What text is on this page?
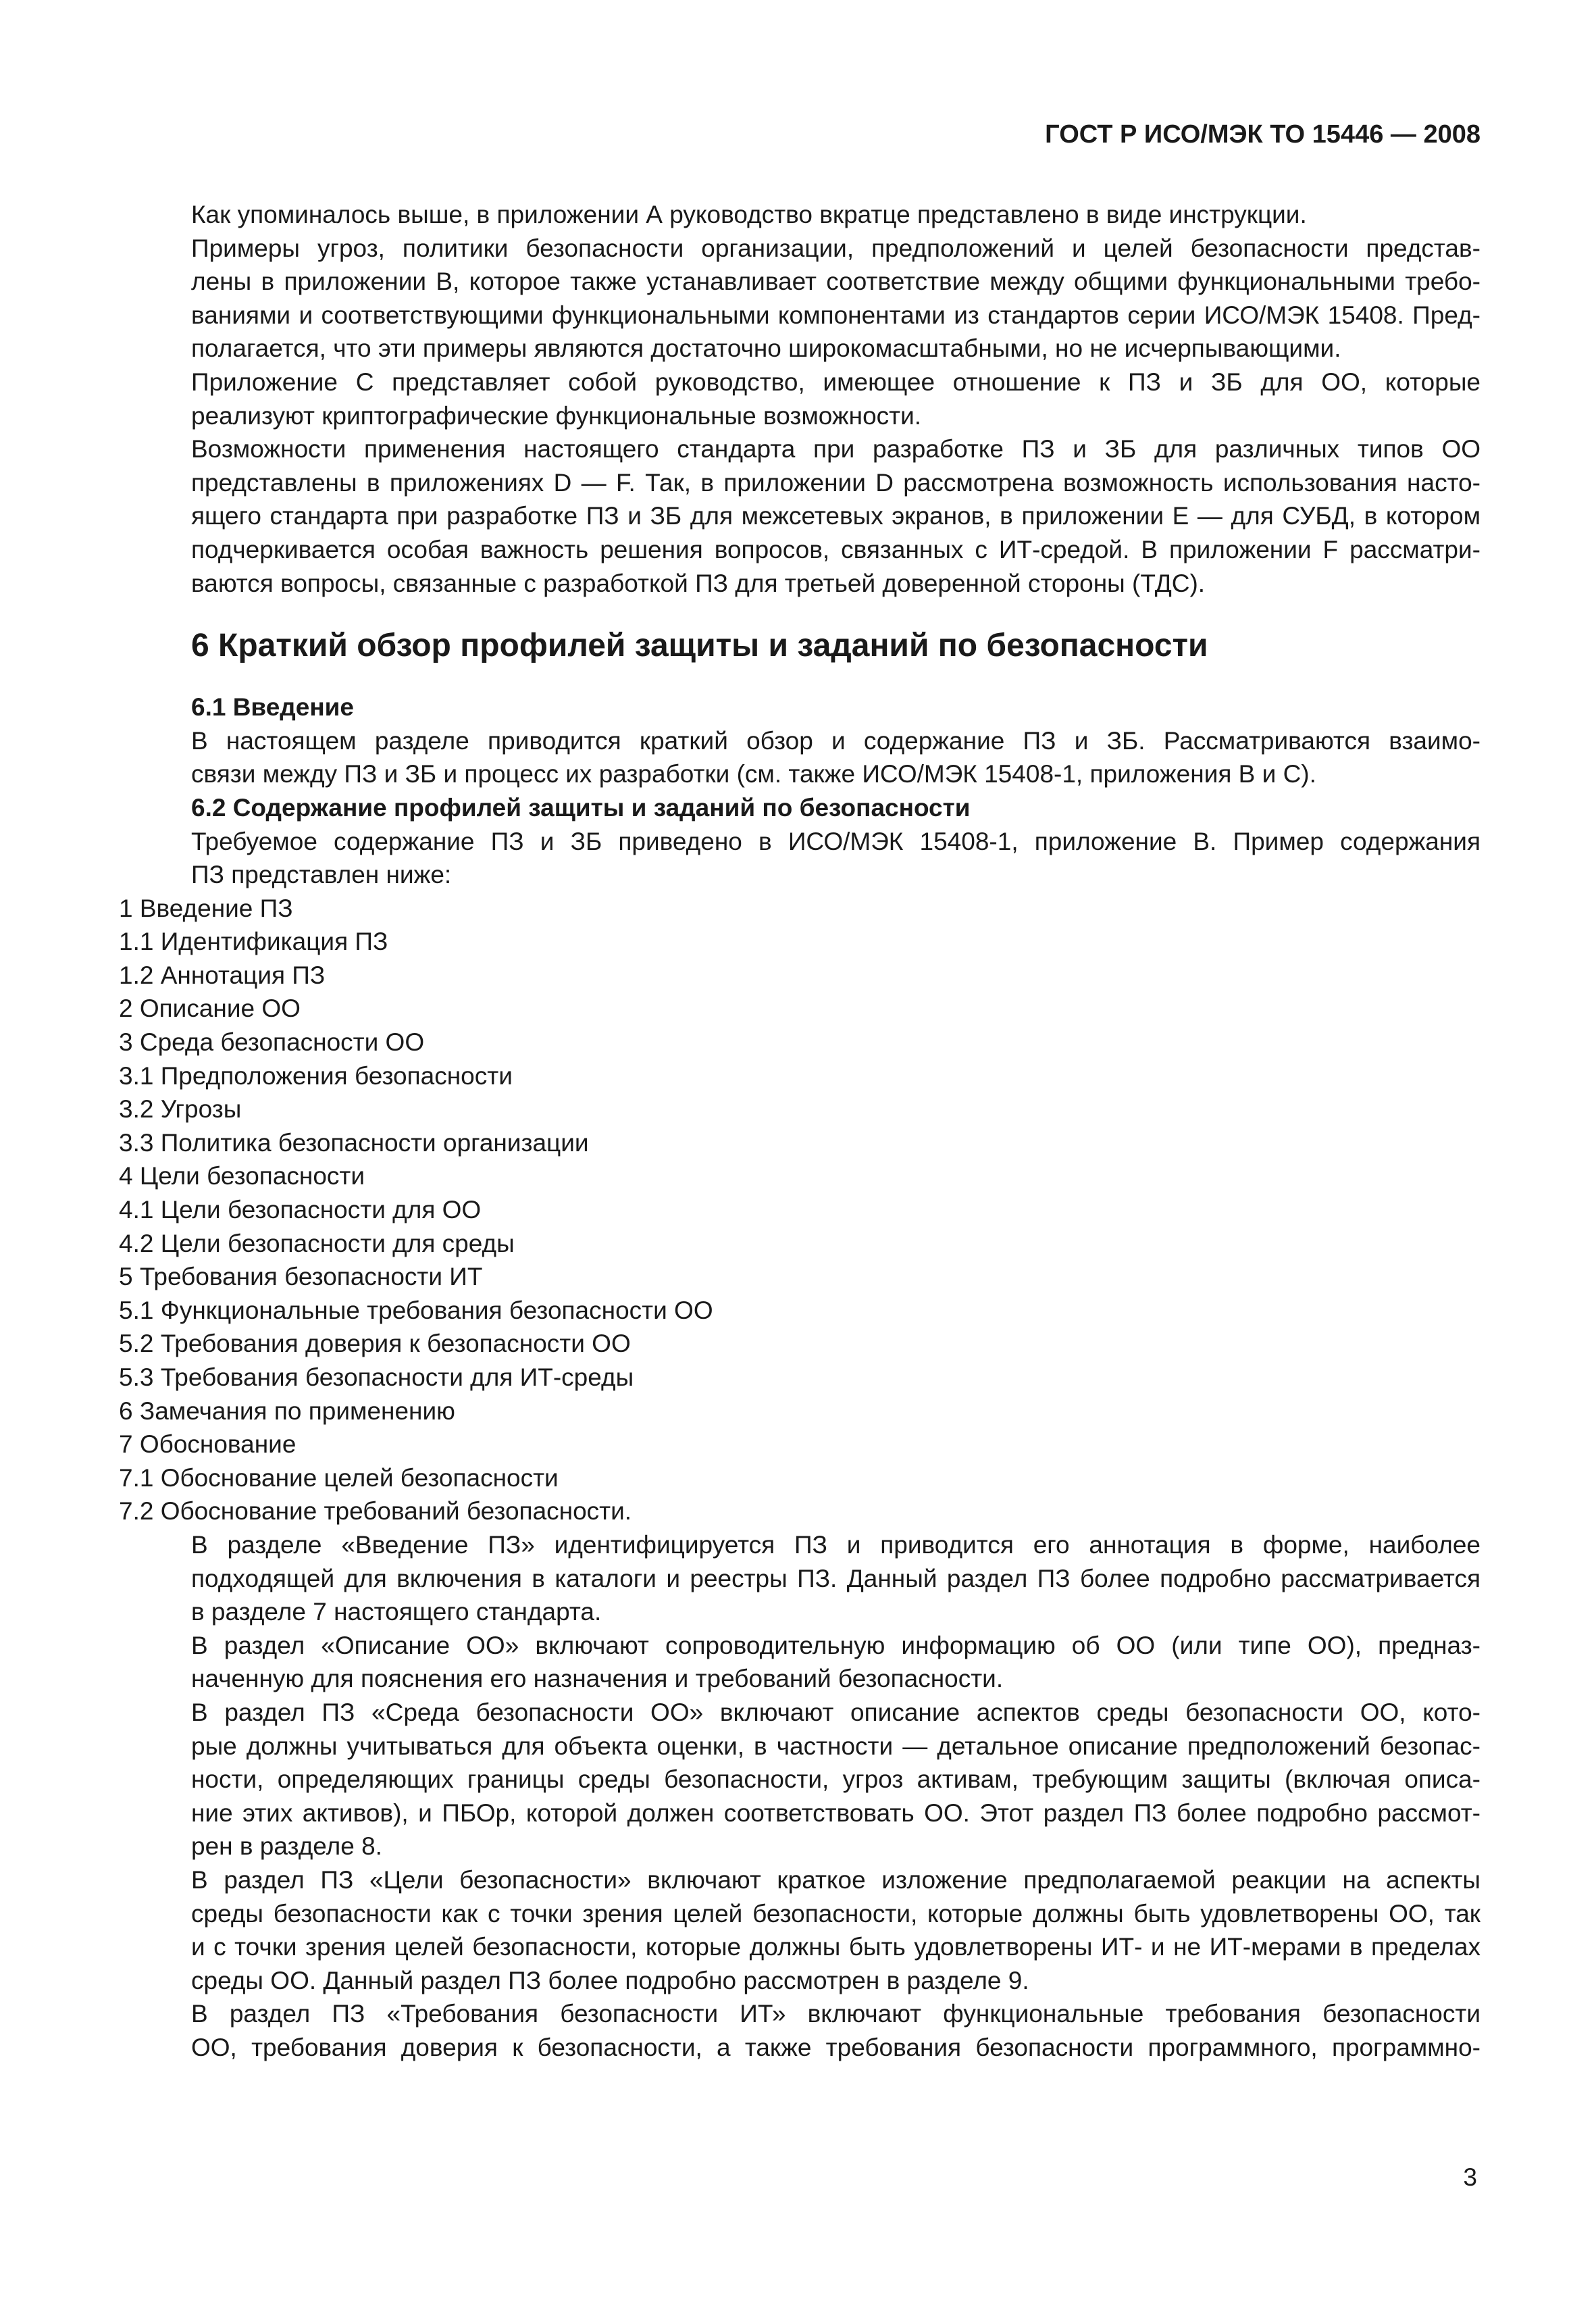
ГОСТ Р ИСО/МЭК ТО 15446 — 2008
Как упоминалось выше, в приложении А руководство вкратце представлено в виде инструкции.
Примеры угроз, политики безопасности организации, предположений и целей безопасности представ-
лены в приложении В, которое также устанавливает соответствие между общими функциональными требо-
ваниями и соответствующими функциональными компонентами из стандартов серии ИСО/МЭК 15408. Пред-
полагается, что эти примеры являются достаточно широкомасштабными, но не исчерпывающими.
Приложение С представляет собой руководство, имеющее отношение к ПЗ и ЗБ для ОО, которые
реализуют криптографические функциональные возможности.
Возможности применения настоящего стандарта при разработке ПЗ и ЗБ для различных типов ОО
представлены в приложениях D — F. Так, в приложении D рассмотрена возможность использования насто-
ящего стандарта при разработке ПЗ и ЗБ для межсетевых экранов, в приложении Е — для СУБД, в котором
подчеркивается особая важность решения вопросов, связанных с ИТ-средой. В приложении F рассматри-
ваются вопросы, связанные с разработкой ПЗ для третьей доверенной стороны (ТДС).
6 Краткий обзор профилей защиты и заданий по безопасности
6.1 Введение
В настоящем разделе приводится краткий обзор и содержание ПЗ и ЗБ. Рассматриваются взаимо-
связи между ПЗ и ЗБ и процесс их разработки (см. также ИСО/МЭК 15408-1, приложения В и С).
6.2 Содержание профилей защиты и заданий по безопасности
Требуемое содержание ПЗ и ЗБ приведено в ИСО/МЭК 15408-1, приложение В. Пример содержания
ПЗ представлен ниже:
1 Введение ПЗ
1.1 Идентификация ПЗ
1.2 Аннотация ПЗ
2 Описание ОО
3 Среда безопасности ОО
3.1 Предположения безопасности
3.2 Угрозы
3.3 Политика безопасности организации
4 Цели безопасности
4.1 Цели безопасности для ОО
4.2 Цели безопасности для среды
5 Требования безопасности ИТ
5.1 Функциональные требования безопасности ОО
5.2 Требования доверия к безопасности ОО
5.3 Требования безопасности для ИТ-среды
6 Замечания по применению
7 Обоснование
7.1 Обоснование целей безопасности
7.2 Обоснование требований безопасности.
В разделе «Введение ПЗ» идентифицируется ПЗ и приводится его аннотация в форме, наиболее
подходящей для включения в каталоги и реестры ПЗ. Данный раздел ПЗ более подробно рассматривается
в разделе 7 настоящего стандарта.
В раздел «Описание ОО» включают сопроводительную информацию об ОО (или типе ОО), предназ-
наченную для пояснения его назначения и требований безопасности.
В раздел ПЗ «Среда безопасности ОО» включают описание аспектов среды безопасности ОО, кото-
рые должны учитываться для объекта оценки, в частности — детальное описание предположений безопас-
ности, определяющих границы среды безопасности, угроз активам, требующим защиты (включая описа-
ние этих активов), и ПБОр, которой должен соответствовать ОО. Этот раздел ПЗ более подробно рассмот-
рен в разделе 8.
В раздел ПЗ «Цели безопасности» включают краткое изложение предполагаемой реакции на аспекты
среды безопасности как с точки зрения целей безопасности, которые должны быть удовлетворены ОО, так
и с точки зрения целей безопасности, которые должны быть удовлетворены ИТ- и не ИТ-мерами в пределах
среды ОО. Данный раздел ПЗ более подробно рассмотрен в разделе 9.
В раздел ПЗ «Требования безопасности ИТ» включают функциональные требования безопасности
ОО, требования доверия к безопасности, а также требования безопасности программного, программно-
3
